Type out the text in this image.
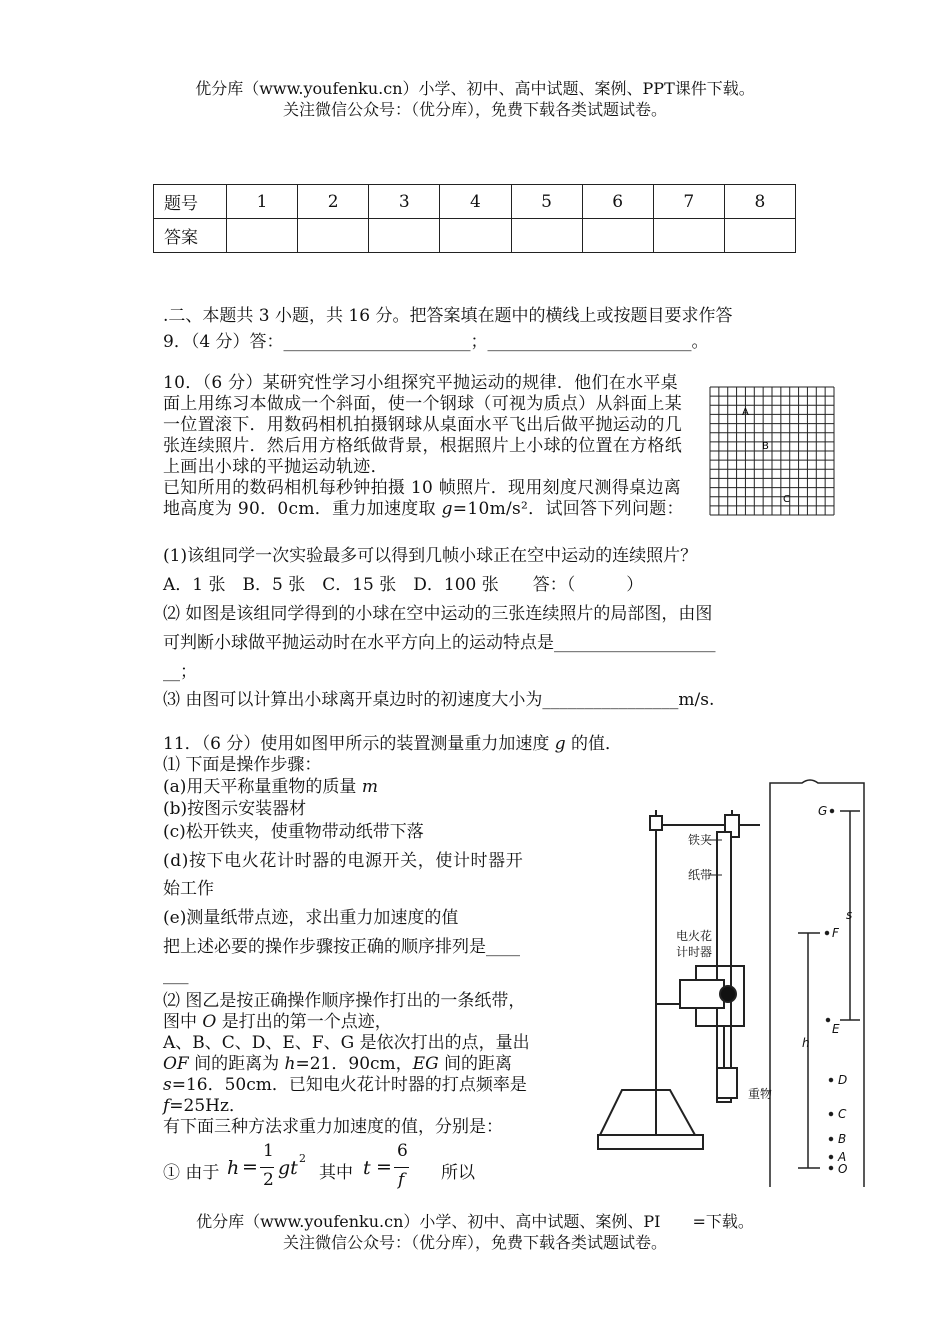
优分库（www.youfenku.cn）小学、初中、高中试题、案例、PPT课件下载。
关注微信公众号：（优分库），免费下载各类试题试卷。
题号	1	2	3	4	5	6	7	8
答案								
.二、本题共 3 小题，共 16 分。把答案填在题中的横线上或按题目要求作答
9．（4 分）答：______________________；________________________。
10．（6 分）某研究性学习小组探究平抛运动的规律．他们在水平桌面上用练习本做成一个斜面，使一个钢球（可视为质点）从斜面上某一位置滚下．用数码相机拍摄钢球从桌面水平飞出后做平抛运动的几张连续照片．然后用方格纸做背景，根据照片上小球的位置在方格纸上画出小球的平抛运动轨迹．
已知所用的数码相机每秒钟拍摄 10 帧照片．现用刻度尺测得桌边离地高度为 90．0cm．重力加速度取 g=10m/s²．试回答下列问题：
A
B
C
(1)该组同学一次实验最多可以得到几帧小球正在空中运动的连续照片？
A．1 张　B．5 张　C．15 张　D．100 张　　答：（　　　）
⑵ 如图是该组同学得到的小球在空中运动的三张连续照片的局部图，由图
可判断小球做平抛运动时在水平方向上的运动特点是___________________
__；
⑶ 由图可以计算出小球离开桌边时的初速度大小为________________m/s.
11．（6 分）使用如图甲所示的装置测量重力加速度 g 的值．
⑴ 下面是操作步骤：
(a)用天平称量重物的质量 m
(b)按图示安装器材
(c)松开铁夹，使重物带动纸带下落
(d)按下电火花计时器的电源开关，使计时器开
始工作
(e)测量纸带点迹，求出重力加速度的值
把上述必要的操作步骤按正确的顺序排列是____
___
⑵ 图乙是按正确操作顺序操作打出的一条纸带，
图中 O 是打出的第一个点迹，
A、B、C、D、E、F、G 是依次打出的点，量出
OF 间的距离为 h=21．90cm，EG 间的距离
s=16．50cm．已知电火花计时器的打点频率是
f=25Hz．
有下面三种方法求重力加速度的值，分别是：
① 由于 h =
1
2
gt 2
其中 t =
6
f 所以
铁夹
纸带
电火花
计时器
重物
G
F
E
D
C
B
A
O
s
h
优分库（www.youfenku.cn）小学、初中、高中试题、案例、PI　　=下载。
关注微信公众号：（优分库），免费下载各类试题试卷。
